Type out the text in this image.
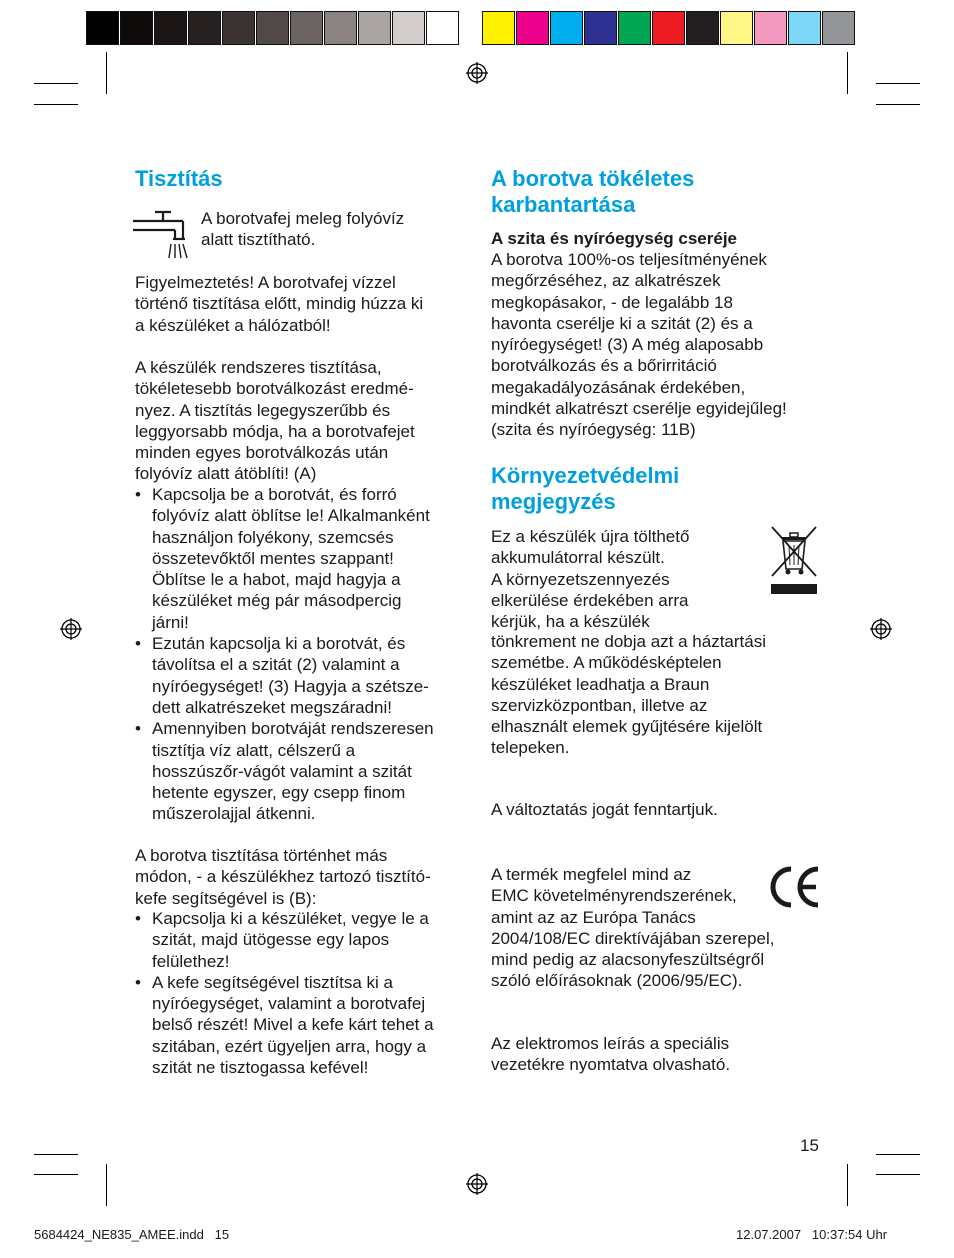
Tisztítás

A borotvafej meleg folyóvíz
alatt tisztítható.

Figyelmeztetés! A borotvafej vízzel
történő tisztítása előtt, mindig húzza ki
a készüléket a hálózatból!

A készülék rendszeres tisztítása,
tökéletesebb borotválkozást eredmé-
nyez. A tisztítás legegyszerűbb és
leggyorsabb módja, ha a borotvafejet
minden egyes borotválkozás után
folyóvíz alatt átöblíti! (A)

• Kapcsolja be a borotvát, és forró
folyóvíz alatt öblítse le! Alkalmanként
használjon folyékony, szemcsés
összetevőktől mentes szappant!
Öblítse le a habot, majd hagyja a
készüléket még pár másodpercig
járni!
• Ezután kapcsolja ki a borotvát, és
távolítsa el a szitát (2) valamint a
nyíróegységet! (3) Hagyja a szétsze-
dett alkatrészeket megszáradni!
• Amennyiben borotváját rendszeresen
tisztítja víz alatt, célszerű a
hosszúszőr-vágót valamint a szitát
hetente egyszer, egy csepp finom
műszerolajjal átkenni.

A borotva tisztítása történhet más
módon, - a készülékhez tartozó tisztító-
kefe segítségével is (B):

• Kapcsolja ki a készüléket, vegye le a
szitát, majd ütögesse egy lapos
felülethez!
• A kefe segítségével tisztítsa ki a
nyíróegységet, valamint a borotvafej
belső részét! Mivel a kefe kárt tehet a
szitában, ezért ügyeljen arra, hogy a
szitát ne tisztogassa kefével!
A borotva tökéletes
karbantartása

A szita és nyíróegység cseréje

A borotva 100%-os teljesítményének
megőrzéséhez, az alkatrészek
megkopásakor, - de legalább 18
havonta cserélje ki a szitát (2) és a
nyíróegységet! (3) A még alaposabb
borotválkozás és a bőrirritáció
megakadályozásának érdekében,
mindkét alkatrészt cserélje egyidejűleg!
(szita és nyíróegység: 11B)

Környezetvédelmi
megjegyzés

Ez a készülék újra tölthető
akkumulátorral készült.
A környezetszennyezés
elkerülése érdekében arra
kérjük, ha a készülék

tönkrement ne dobja azt a háztartási
szemétbe. A működésképtelen
készüléket leadhatja a Braun
szervizközpontban, illetve az
elhasznált elemek gyűjtésére kijelölt
telepeken.

A változtatás jogát fenntartjuk.

A termék megfelel mind az
EMC követelményrendszerének,
amint az az Európa Tanács
2004/108/EC direktívájában szerepel,
mind pedig az alacsonyfeszültségről
szóló előírásoknak (2006/95/EC).

Az elektromos leírás a speciális
vezetékre nyomtatva olvasható.

15
5684424_NE835_AMEE.indd   15	12.07.2007   10:37:54 Uhr
